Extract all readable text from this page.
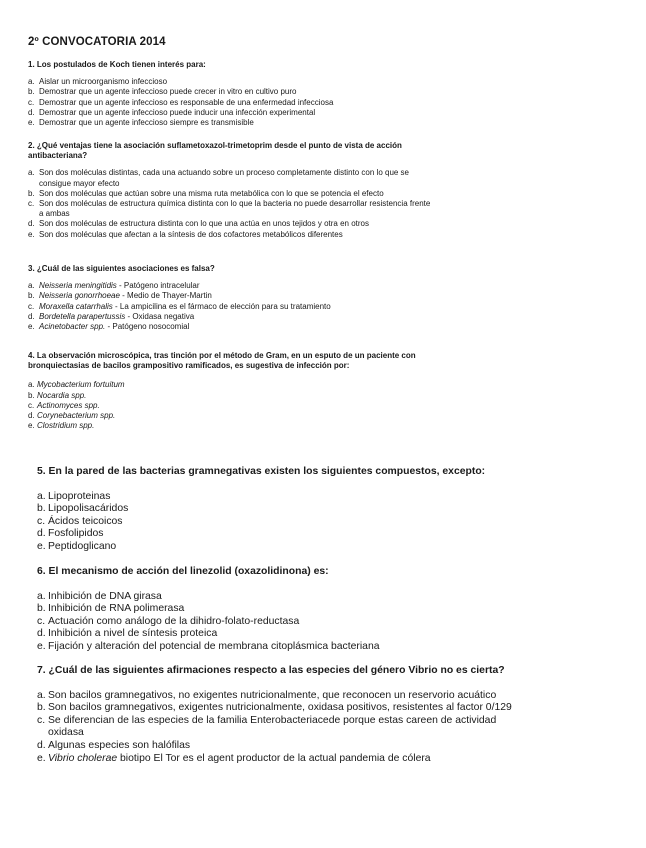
2º CONVOCATORIA 2014

1. Los postulados de Koch tienen interés para:

a. Aislar un microorganismo infeccioso
b. Demostrar que un agente infeccioso puede crecer in vitro en cultivo puro
c. Demostrar que un agente infeccioso es responsable de una enfermedad infecciosa
d. Demostrar que un agente infeccioso puede inducir una infección experimental
e. Demostrar que un agente infeccioso siempre es transmisible

2. ¿Qué ventajas tiene la asociación suflametoxazol-trimetoprim desde el punto de vista de acción antibacteriana?

a. Son dos moléculas distintas, cada una actuando sobre un proceso completamente distinto con lo que se consigue mayor efecto
b. Son dos moléculas que actúan sobre una misma ruta metabólica con lo que se potencia el efecto
c. Son dos moléculas de estructura química distinta con lo que la bacteria no puede desarrollar resistencia frente a ambas
d. Son dos moléculas de estructura distinta con lo que una actúa en unos tejidos y otra en otros
e. Son dos moléculas que afectan a la síntesis de dos cofactores metabólicos diferentes

3. ¿Cuál de las siguientes asociaciones es falsa?

a. Neisseria meningitidis - Patógeno intracelular
b. Neisseria gonorrhoeae - Medio de Thayer-Martin
c. Moraxella catarrhalis - La ampicilina es el fármaco de elección para su tratamiento
d. Bordetella parapertussis - Oxidasa negativa
e. Acinetobacter spp. - Patógeno nosocomial

4. La observación microscópica, tras tinción por el método de Gram, en un esputo de un paciente con bronquiectasias de bacilos grampositivo ramificados, es sugestiva de infección por:

a. Mycobacterium fortuitum
b. Nocardia spp.
c. Actinomyces spp.
d. Corynebacterium spp.
e. Clostridium spp.

5. En la pared de las bacterias gramnegativas existen los siguientes compuestos, excepto:

a. Lipoproteinas
b. Lipopolisacáridos
c. Ácidos teicoicos
d. Fosfolipidos
e. Peptidoglicano

6. El mecanismo de acción del linezolid (oxazolidinona) es:

a. Inhibición de DNA girasa
b. Inhibición de RNA polimerasa
c. Actuación como análogo de la dihidro-folato-reductasa
d. Inhibición a nivel de síntesis proteica
e. Fijación y alteración del potencial de membrana citoplásmica bacteriana

7. ¿Cuál de las siguientes afirmaciones respecto a las especies del género Vibrio no es cierta?

a. Son bacilos gramnegativos, no exigentes nutricionalmente, que reconocen un reservorio acuático
b. Son bacilos gramnegativos, exigentes nutricionalmente, oxidasa positivos, resistentes al factor 0/129
c. Se diferencian de las especies de la familia Enterobacteriacede porque estas careen de actividad oxidasa
d. Algunas especies son halófilas
e. Vibrio cholerae biotipo El Tor es el agent productor de la actual pandemia de cólera
